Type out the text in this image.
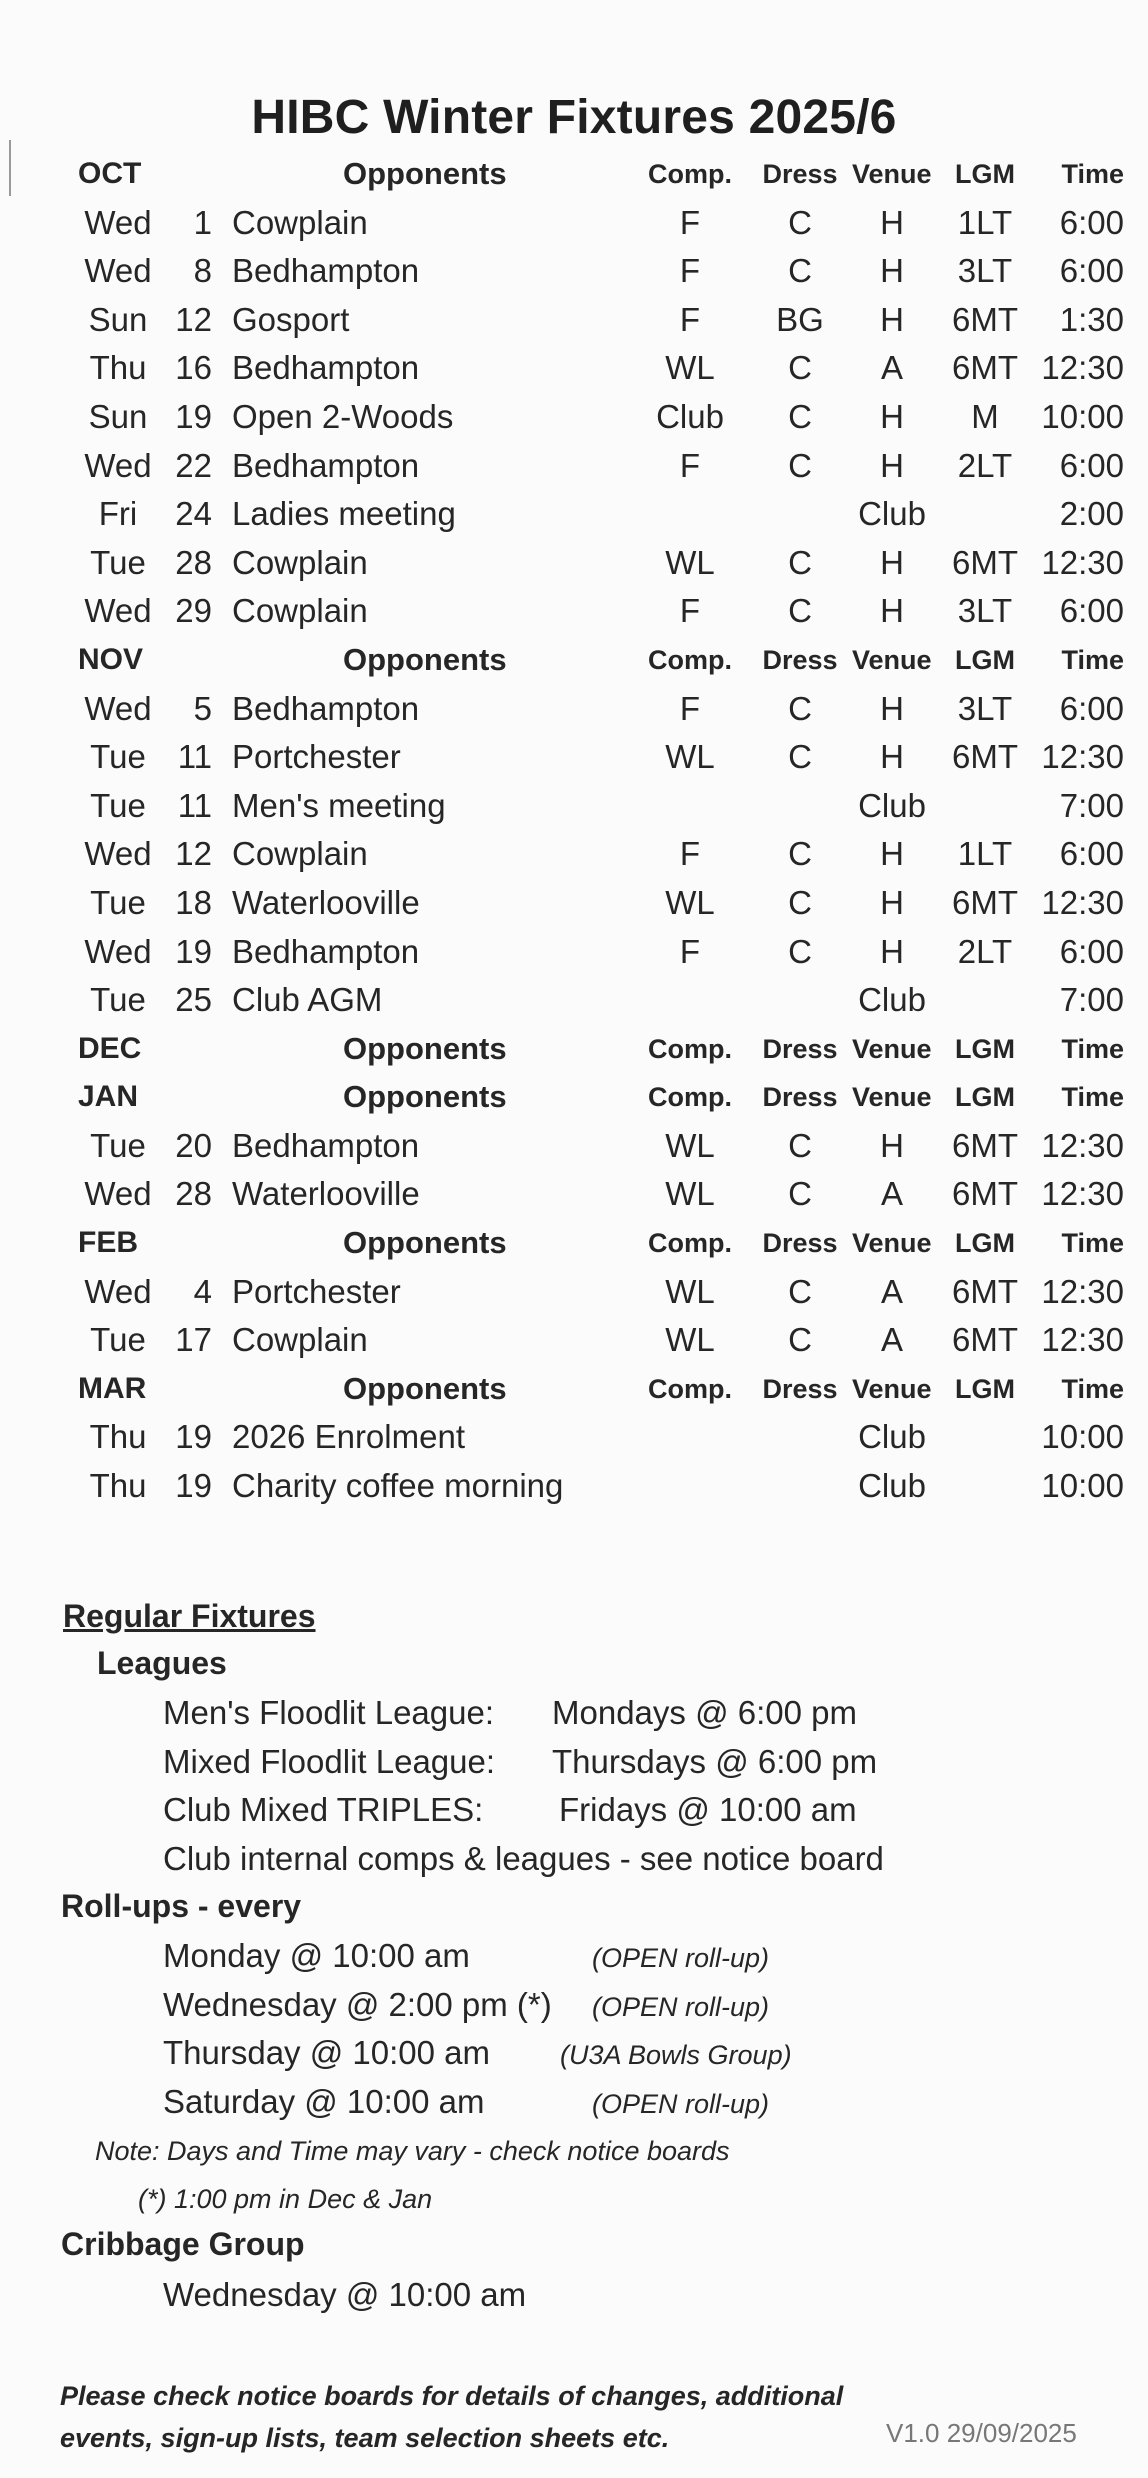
HIBC Winter Fixtures 2025/6
OCT	Opponents	Comp.	Dress Venue LGM	Time
Wed	1 Cowplain	F	C	H	1LT	6:00
Wed	8 Bedhampton	F	C	H	3LT	6:00
Sun 12 Gosport	F	BG	H	6MT	1:30
Thu 16 Bedhampton	WL	C	A	6MT 12:30
Sun 19 Open 2-Woods	Club	C	H	M	10:00
Wed 22 Bedhampton	F	C	H	2LT	6:00
Fri	24 Ladies meeting	Club	2:00
Tue 28 Cowplain	WL	C	H	6MT 12:30
Wed 29 Cowplain	F	C	H	3LT	6:00
NOV	Opponents	Comp.	Dress Venue LGM	Time
Wed	5 Bedhampton	F	C	H	3LT	6:00
Tue 11 Portchester	WL	C	H	6MT 12:30
Tue 11 Men's meeting	Club	7:00
Wed 12 Cowplain	F	C	H	1LT	6:00
Tue 18 Waterlooville	WL	C	H	6MT 12:30
Wed 19 Bedhampton	F	C	H	2LT	6:00
Tue 25 Club AGM	Club	7:00
DEC	Opponents	Comp.	Dress Venue LGM	Time
JAN	Opponents	Comp.	Dress Venue LGM	Time
Tue 20 Bedhampton	WL	C	H	6MT 12:30
Wed 28 Waterlooville	WL	C	A	6MT 12:30
FEB	Opponents	Comp.	Dress Venue LGM	Time
Wed	4 Portchester	WL	C	A	6MT 12:30
Tue 17 Cowplain	WL	C	A	6MT 12:30
MAR	Opponents	Comp.	Dress Venue LGM	Time
Thu 19 2026 Enrolment	Club	10:00
Thu 19 Charity coffee morning	Club	10:00
Regular Fixtures
Leagues
Men's Floodlit League: Mondays @ 6:00 pm
Mixed Floodlit League: Thursdays @ 6:00 pm
Club Mixed TRIPLES: Fridays @ 10:00 am
Club internal comps & leagues - see notice board
Roll-ups - every
Monday @ 10:00 am	(OPEN roll-up)
Wednesday @ 2:00 pm (*) (OPEN roll-up)
Thursday @ 10:00 am	(U3A Bowls Group)
Saturday @ 10:00 am	(OPEN roll-up)
Note: Days and Time may vary - check notice boards
(*) 1:00 pm in Dec & Jan
Cribbage Group
Wednesday @ 10:00 am
Please check notice boards for details of changes, additional
events, sign-up lists, team selection sheets etc.	V1.0 29/09/2025
